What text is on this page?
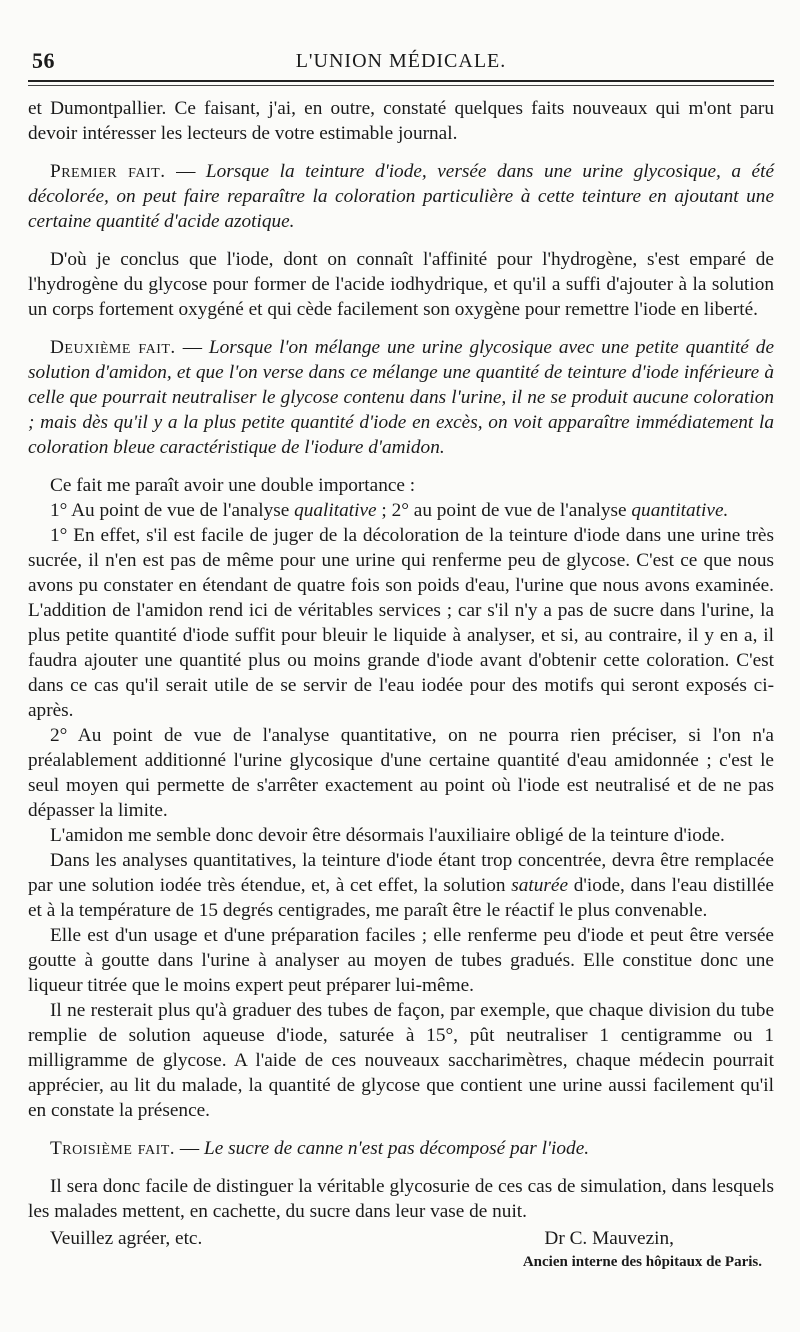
56	L'UNION MÉDICALE.

et Dumontpallier. Ce faisant, j'ai, en outre, constaté quelques faits nouveaux qui m'ont paru devoir intéresser les lecteurs de votre estimable journal.

Premier fait. — Lorsque la teinture d'iode, versée dans une urine glycosique, a été décolorée, on peut faire reparaître la coloration particulière à cette teinture en ajoutant une certaine quantité d'acide azotique.

D'où je conclus que l'iode, dont on connaît l'affinité pour l'hydrogène, s'est emparé de l'hydrogène du glycose pour former de l'acide iodhydrique, et qu'il a suffi d'ajouter à la solution un corps fortement oxygéné et qui cède facilement son oxygène pour remettre l'iode en liberté.

Deuxième fait. — Lorsque l'on mélange une urine glycosique avec une petite quantité de solution d'amidon, et que l'on verse dans ce mélange une quantité de teinture d'iode inférieure à celle que pourrait neutraliser le glycose contenu dans l'urine, il ne se produit aucune coloration ; mais dès qu'il y a la plus petite quantité d'iode en excès, on voit apparaître immédiatement la coloration bleue caractéristique de l'iodure d'amidon.

Ce fait me paraît avoir une double importance :

1° Au point de vue de l'analyse qualitative ; 2° au point de vue de l'analyse quantitative.

1° En effet, s'il est facile de juger de la décoloration de la teinture d'iode dans une urine très sucrée, il n'en est pas de même pour une urine qui renferme peu de glycose. C'est ce que nous avons pu constater en étendant de quatre fois son poids d'eau, l'urine que nous avons examinée. L'addition de l'amidon rend ici de véritables services ; car s'il n'y a pas de sucre dans l'urine, la plus petite quantité d'iode suffit pour bleuir le liquide à analyser, et si, au contraire, il y en a, il faudra ajouter une quantité plus ou moins grande d'iode avant d'obtenir cette coloration. C'est dans ce cas qu'il serait utile de se servir de l'eau iodée pour des motifs qui seront exposés ci-après.

2° Au point de vue de l'analyse quantitative, on ne pourra rien préciser, si l'on n'a préalablement additionné l'urine glycosique d'une certaine quantité d'eau amidonnée ; c'est le seul moyen qui permette de s'arrêter exactement au point où l'iode est neutralisé et de ne pas dépasser la limite.

L'amidon me semble donc devoir être désormais l'auxiliaire obligé de la teinture d'iode.

Dans les analyses quantitatives, la teinture d'iode étant trop concentrée, devra être remplacée par une solution iodée très étendue, et, à cet effet, la solution saturée d'iode, dans l'eau distillée et à la température de 15 degrés centigrades, me paraît être le réactif le plus convenable.

Elle est d'un usage et d'une préparation faciles ; elle renferme peu d'iode et peut être versée goutte à goutte dans l'urine à analyser au moyen de tubes gradués. Elle constitue donc une liqueur titrée que le moins expert peut préparer lui-même.

Il ne resterait plus qu'à graduer des tubes de façon, par exemple, que chaque division du tube remplie de solution aqueuse d'iode, saturée à 15°, pût neutraliser 1 centigramme ou 1 milligramme de glycose. A l'aide de ces nouveaux saccharimètres, chaque médecin pourrait apprécier, au lit du malade, la quantité de glycose que contient une urine aussi facilement qu'il en constate la présence.

Troisième fait. — Le sucre de canne n'est pas décomposé par l'iode.

Il sera donc facile de distinguer la véritable glycosurie de ces cas de simulation, dans lesquels les malades mettent, en cachette, du sucre dans leur vase de nuit.

Veuillez agréer, etc.	Dr C. Mauvezin,
Ancien interne des hôpitaux de Paris.
